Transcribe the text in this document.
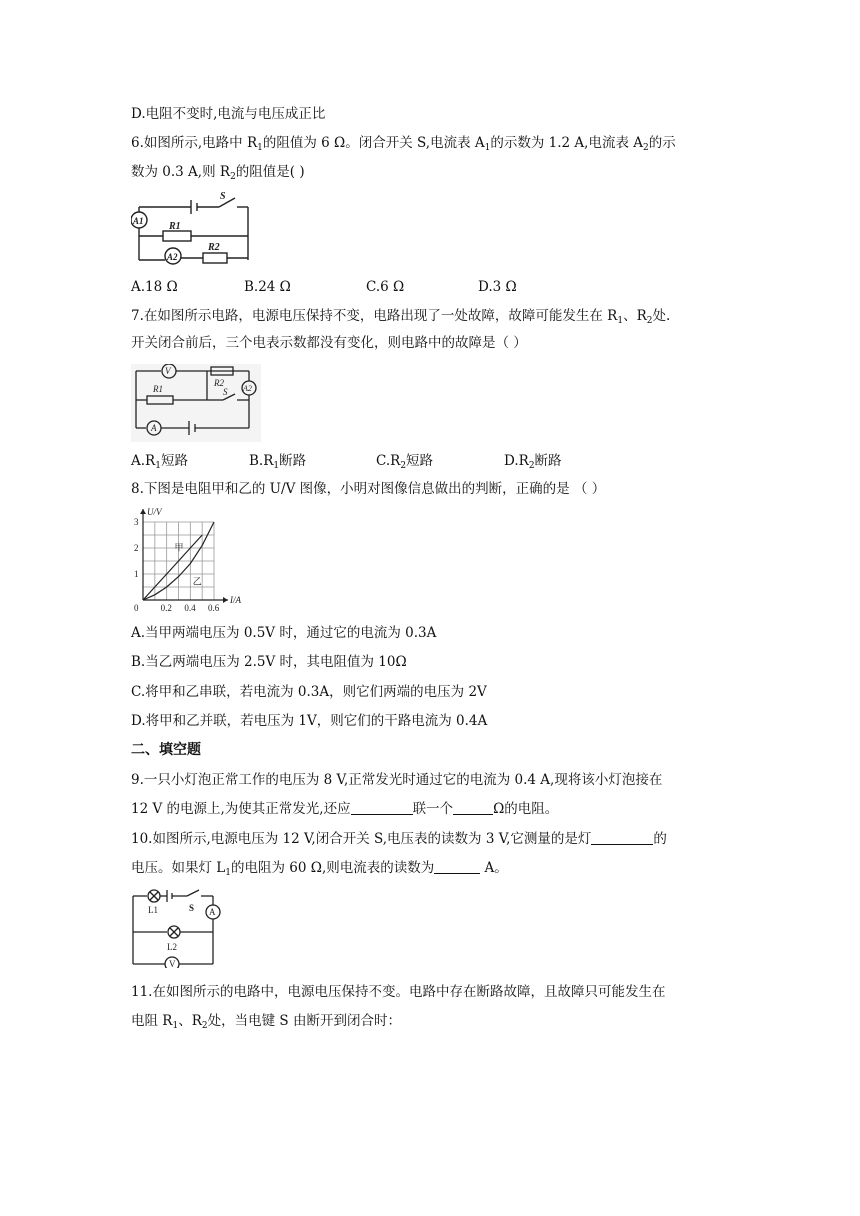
D.电阻不变时,电流与电压成正比
6.如图所示,电路中 $R_1$的阻值为 6 Ω。闭合开关 S,电流表 $A_1$的示数为 1.2 A,电流表 $A_2$的示
数为 0.3 A,则 $R_2$的阻值是( )
S
A1	R1
A2
R2
A.18 Ω	B.24 Ω	C.6 Ω	D.3 Ω
7.在如图所示电路，电源电压保持不变，电路出现了一处故障，故障可能发生在 $R_1$、$R_2$处.
开关闭合前后，三个电表示数都没有变化，则电路中的故障是（ ）
V
R1
R2
A2
S
A
$A.R_1$短路	$B.R_1$断路	$C.R_2$短路	$D.R_2$断路
8.下图是电阻甲和乙的 U/V 图像，小明对图像信息做出的判断，正确的是 （ ）
0 0.2 0.4 0.6
1
2
3
I/A
U/V
甲
乙
A.当甲两端电压为 0.5V 时，通过它的电流为 0.3A
B.当乙两端电压为 2.5V 时，其电阻值为 10Ω
C.将甲和乙串联，若电流为 0.3A，则它们两端的电压为 2V
D.将甲和乙并联，若电压为 1V，则它们的干路电流为 0.4A
二、填空题
9.一只小灯泡正常工作的电压为 8 V,正常发光时通过它的电流为 0.4 A,现将该小灯泡接在
12 V 的电源上,为使其正常发光,还应	联一个	Ω的电阻。
10.如图所示,电源电压为 12 V,闭合开关 S,电压表的读数为 3 V,它测量的是灯	的
电压。如果灯 $L_1$的电阻为 60 Ω,则电流表的读数为	A。
L1	S A
L2
V
11.在如图所示的电路中，电源电压保持不变。电路中存在断路故障，且故障只可能发生在
电阻 $R_1$、$R_2$处，当电键 S 由断开到闭合时：
